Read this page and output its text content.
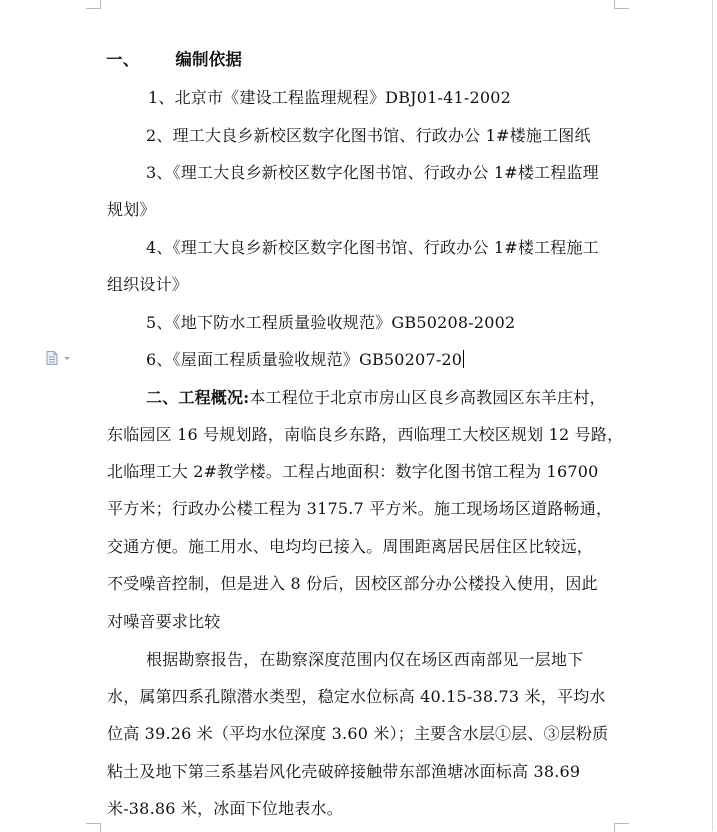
一、 编制依据
1、北京市《建设工程监理规程》DBJ01-41-2002
2、理工大良乡新校区数字化图书馆、行政办公 1#楼施工图纸
3、《理工大良乡新校区数字化图书馆、行政办公 1#楼工程监理
规划》
4、《理工大良乡新校区数字化图书馆、行政办公 1#楼工程施工
组织设计》
5、《地下防水工程质量验收规范》GB50208-2002
6、《屋面工程质量验收规范》GB50207-20
二、工程概况:本工程位于北京市房山区良乡高教园区东羊庄村，
东临园区 16 号规划路，南临良乡东路，西临理工大校区规划 12 号路，
北临理工大 2#教学楼。工程占地面积：数字化图书馆工程为 16700
平方米；行政办公楼工程为 3175.7 平方米。施工现场场区道路畅通，
交通方便。施工用水、电均均已接入。周围距离居民居住区比较远，
不受噪音控制，但是进入 8 份后，因校区部分办公楼投入使用，因此
对噪音要求比较
根据勘察报告，在勘察深度范围内仅在场区西南部见一层地下
水，属第四系孔隙潜水类型，稳定水位标高 40.15-38.73 米，平均水
位高 39.26 米（平均水位深度 3.60 米）；主要含水层①层、③层粉质
粘土及地下第三系基岩风化壳破碎接触带东部渔塘冰面标高 38.69
米-38.86 米，冰面下位地表水。
